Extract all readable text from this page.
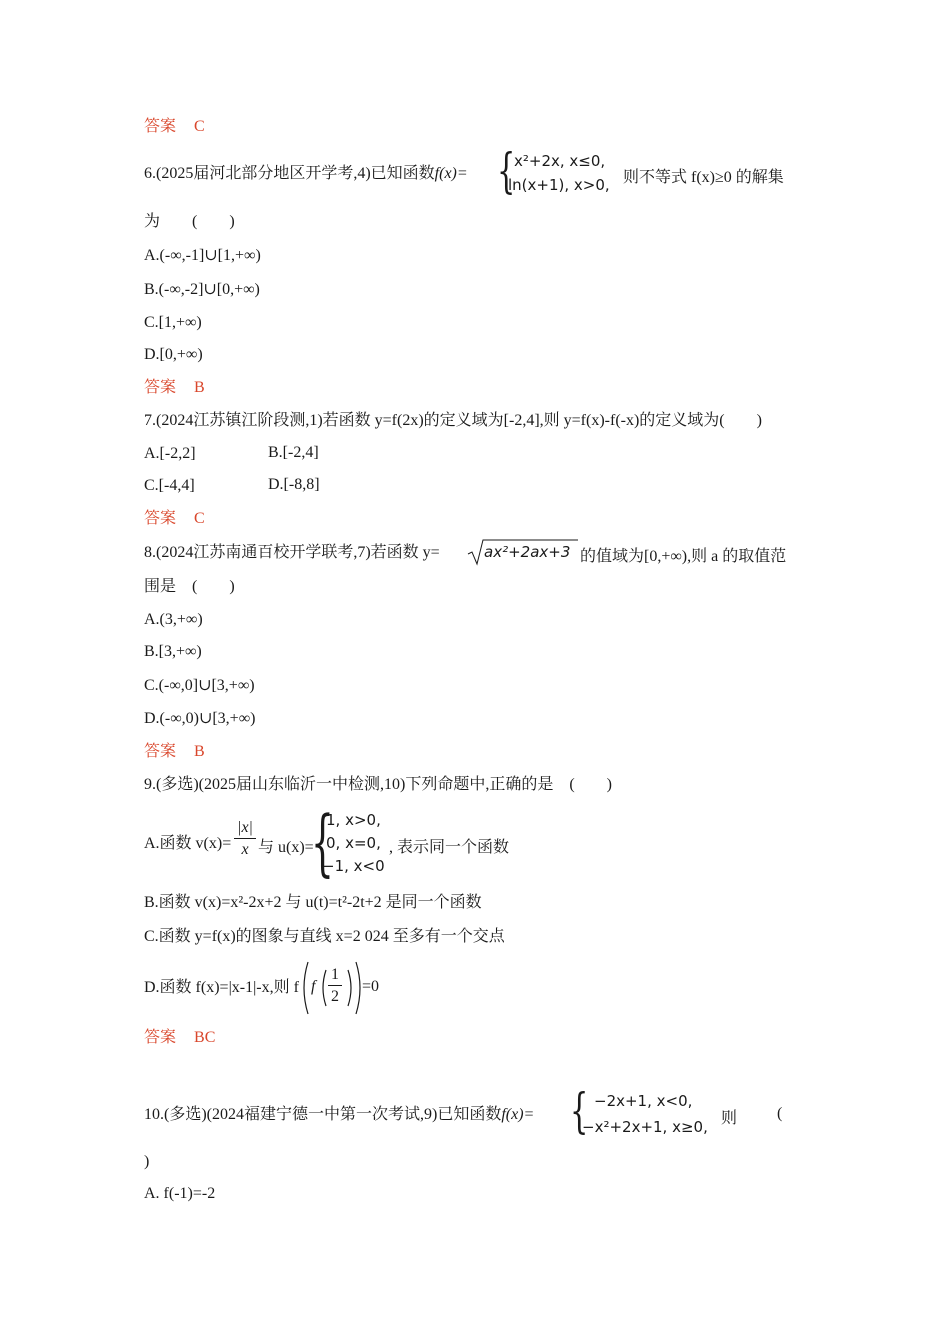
答案 C
6.(2025届河北部分地区开学考,4)已知函数f(x)= {
x²+2x, x≤0,
ln(x+1), x>0, 则不等式 f(x)≥0 的解集
为　　(　　)
A.(-∞,-1]∪[1,+∞)
B.(-∞,-2]∪[0,+∞)
C.[1,+∞)
D.[0,+∞)
答案 B
7.(2024江苏镇江阶段测,1)若函数 y=f(2x)的定义域为[-2,4],则 y=f(x)-f(-x)的定义域为(　　)
A.[-2,2]	B.[-2,4]
C.[-4,4]	D.[-8,8]
答案 C
8.(2024江苏南通百校开学联考,7)若函数 y=	ax²+2ax+3 的值域为[0,+∞),则 a 的取值范
围是　(　　)
A.(3,+∞)
B.[3,+∞)
C.(-∞,0]∪[3,+∞)
D.(-∞,0)∪[3,+∞)
答案 B
9.(多选)(2025届山东临沂一中检测,10)下列命题中,正确的是　(　　)
A.函数 $v(x)= \frac{|x|}{x}$ 与 u(x)=
{
1, x>0,
0, x=0,
−1, x<0
, 表示同一个函数
B.函数 v(x)=x²-2x+2 与 u(t)=t²-2t+2 是同一个函数
C.函数 y=f(x)的图象与直线 x=2 024 至多有一个交点
D.函数 f(x)=|x-1|-x,则 f f $\frac{1}{2} =0$
答案 BC
10.(多选)(2024福建宁德一中第一次考试,9)已知函数f(x)= { −2x+1, x<0,
−x²+2x+1, x≥0, 则 (
)
A. f(-1)=-2
